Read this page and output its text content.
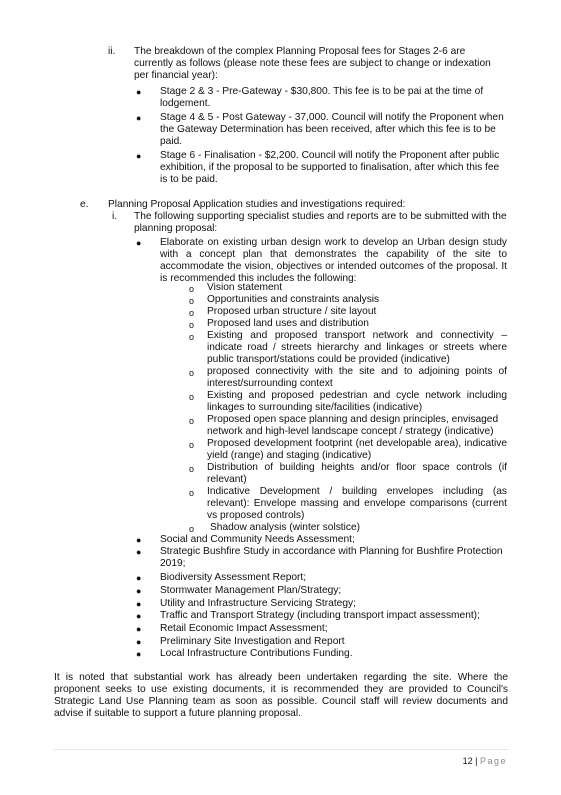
ii. The breakdown of the complex Planning Proposal fees for Stages 2-6 are currently as follows (please note these fees are subject to change or indexation per financial year):
● Stage 2 & 3 - Pre-Gateway - $30,800. This fee is to be pai at the time of lodgement.
● Stage 4 & 5 - Post Gateway - 37,000. Council will notify the Proponent when the Gateway Determination has been received, after which this fee is to be paid.
● Stage 6 - Finalisation - $2,200. Council will notify the Proponent after public exhibition, if the proposal to be supported to finalisation, after which this fee is to be paid.
e. Planning Proposal Application studies and investigations required:
i. The following supporting specialist studies and reports are to be submitted with the planning proposal:
● Elaborate on existing urban design work to develop an Urban design study with a concept plan that demonstrates the capability of the site to accommodate the vision, objectives or intended outcomes of the proposal. It is recommended this includes the following:
o Vision statement
o Opportunities and constraints analysis
o Proposed urban structure / site layout
o Proposed land uses and distribution
o Existing and proposed transport network and connectivity – indicate road / streets hierarchy and linkages or streets where public transport/stations could be provided (indicative)
o proposed connectivity with the site and to adjoining points of interest/surrounding context
o Existing and proposed pedestrian and cycle network including linkages to surrounding site/facilities (indicative)
o Proposed open space planning and design principles, envisaged network and high-level landscape concept / strategy (indicative)
o Proposed development footprint (net developable area), indicative yield (range) and staging (indicative)
o Distribution of building heights and/or floor space controls (if relevant)
o Indicative Development / building envelopes including (as relevant): Envelope massing and envelope comparisons (current vs proposed controls)
o Shadow analysis (winter solstice)
● Social and Community Needs Assessment;
● Strategic Bushfire Study in accordance with Planning for Bushfire Protection 2019;
● Biodiversity Assessment Report;
● Stormwater Management Plan/Strategy;
● Utility and Infrastructure Servicing Strategy;
● Traffic and Transport Strategy (including transport impact assessment);
● Retail Economic Impact Assessment;
● Preliminary Site Investigation and Report
● Local Infrastructure Contributions Funding.
It is noted that substantial work has already been undertaken regarding the site. Where the proponent seeks to use existing documents, it is recommended they are provided to Council's Strategic Land Use Planning team as soon as possible. Council staff will review documents and advise if suitable to support a future planning proposal.
12 | Page
